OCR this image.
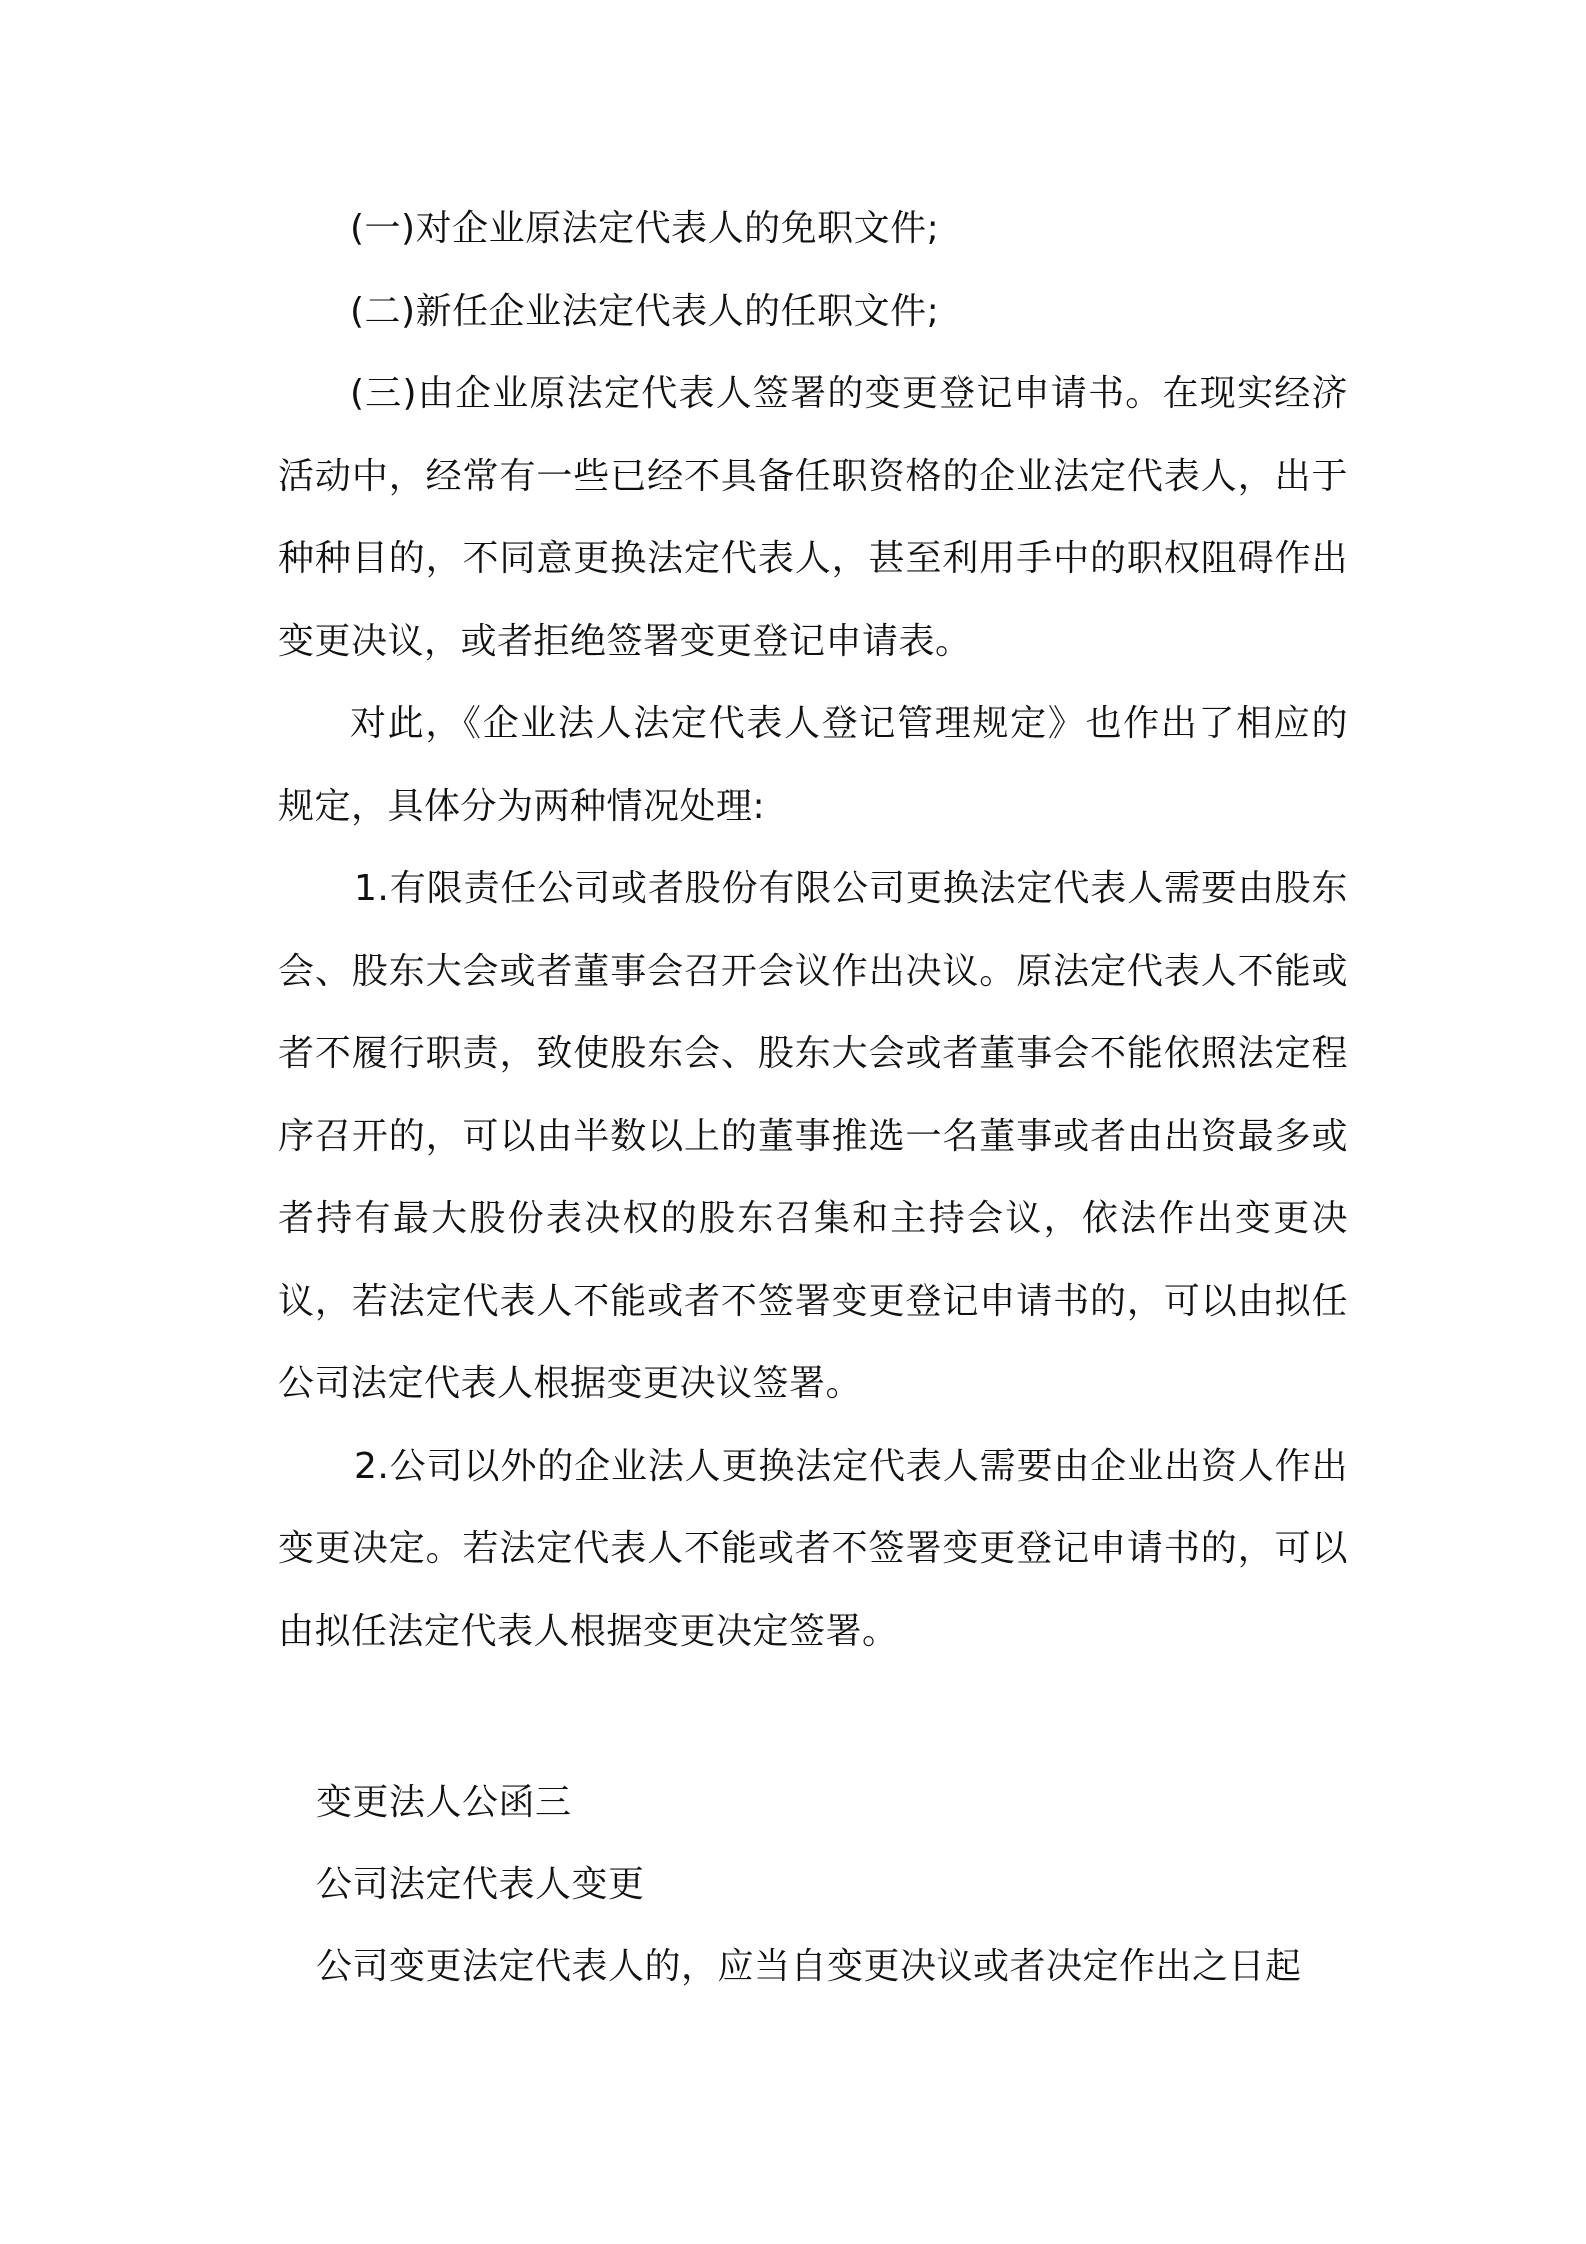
(一)对企业原法定代表人的免职文件;

(二)新任企业法定代表人的任职文件;

(三)由企业原法定代表人签署的变更登记申请书。在现实经济活动中，经常有一些已经不具备任职资格的企业法定代表人，出于种种目的，不同意更换法定代表人，甚至利用手中的职权阻碍作出变更决议，或者拒绝签署变更登记申请表。

对此，《企业法人法定代表人登记管理规定》也作出了相应的规定，具体分为两种情况处理:

1.有限责任公司或者股份有限公司更换法定代表人需要由股东会、股东大会或者董事会召开会议作出决议。原法定代表人不能或者不履行职责，致使股东会、股东大会或者董事会不能依照法定程序召开的，可以由半数以上的董事推选一名董事或者由出资最多或者持有最大股份表决权的股东召集和主持会议，依法作出变更决议，若法定代表人不能或者不签署变更登记申请书的，可以由拟任公司法定代表人根据变更决议签署。

2.公司以外的企业法人更换法定代表人需要由企业出资人作出变更决定。若法定代表人不能或者不签署变更登记申请书的，可以由拟任法定代表人根据变更决定签署。

变更法人公函三

公司法定代表人变更

公司变更法定代表人的，应当自变更决议或者决定作出之日起
